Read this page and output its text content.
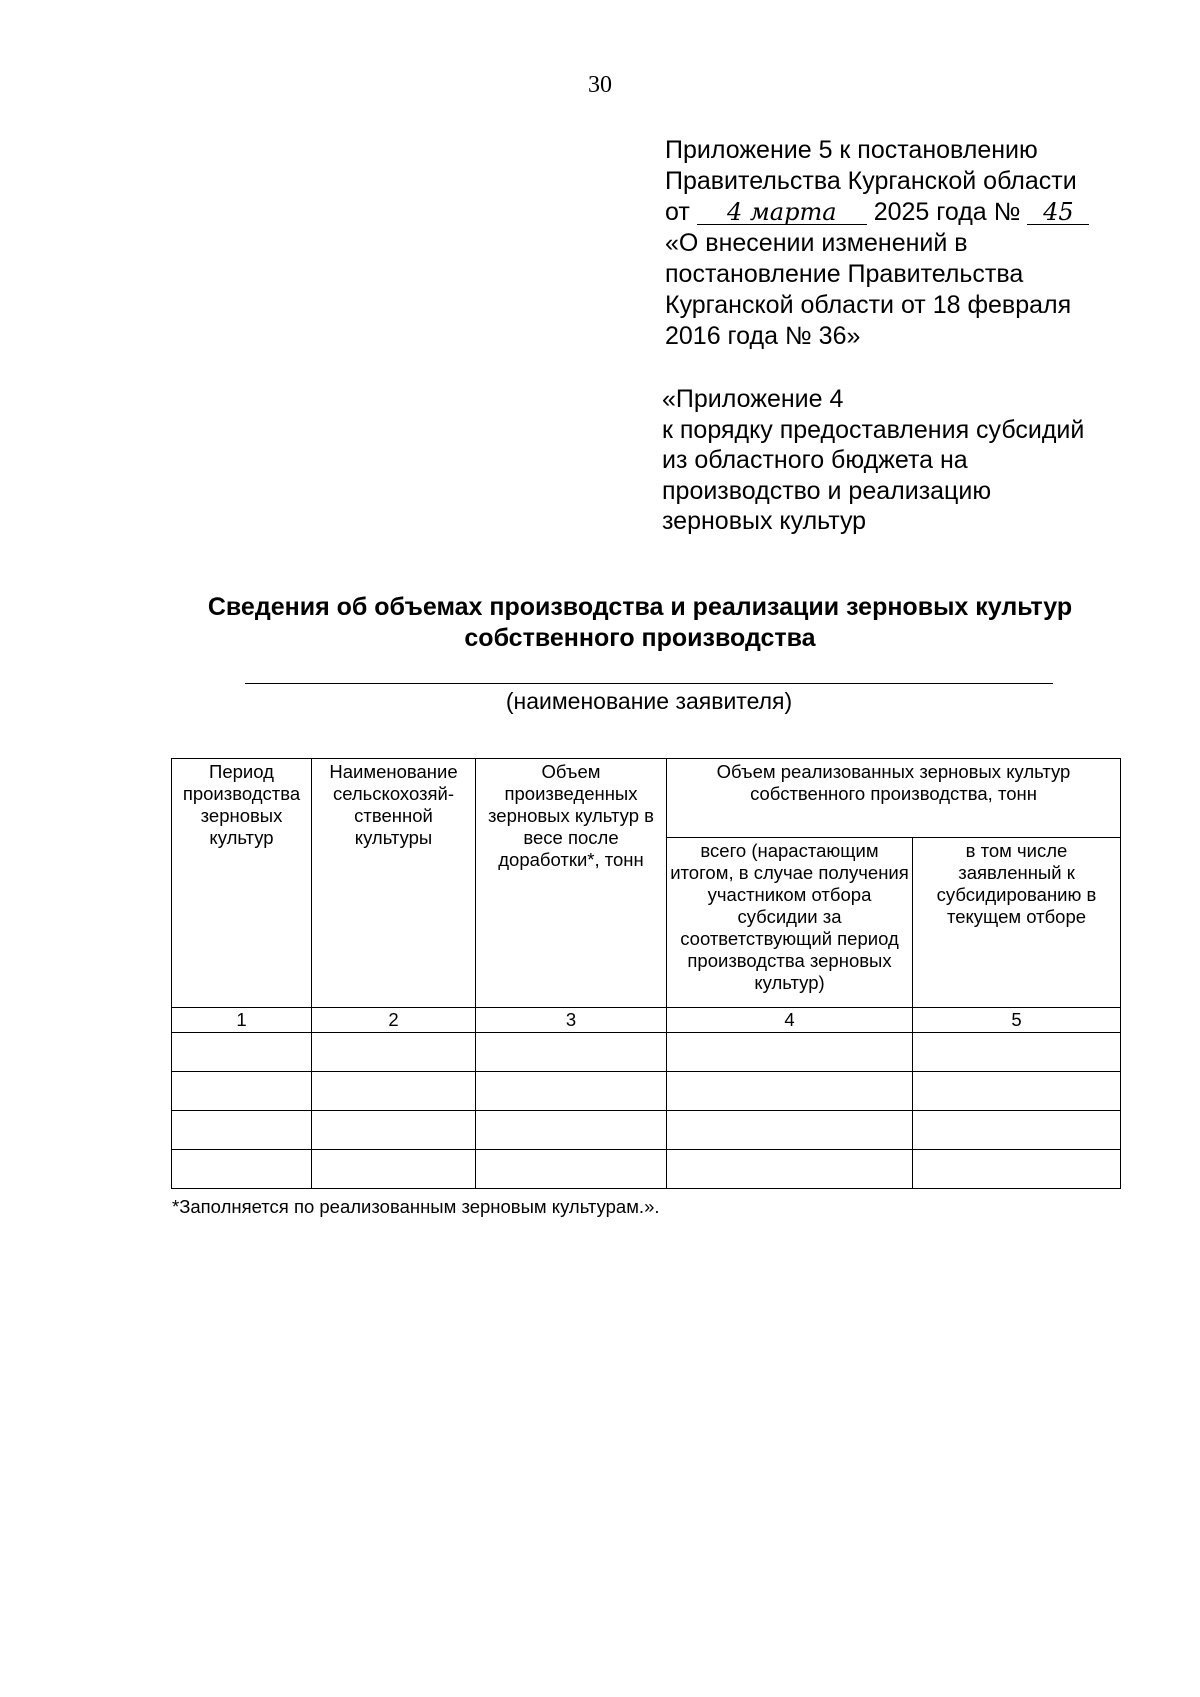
30

Приложение 5 к постановлению

Правительства Курганской области

от 4 марта 2025 года № 45

«О внесении изменений в

постановление Правительства

Курганской области от 18 февраля

2016 года № 36»

«Приложение 4

к порядку предоставления субсидий

из областного бюджета на

производство и реализацию

зерновых культур

Сведения об объемах производства и реализации зерновых культур
собственного производства
(наименование заявителя)
Период производства зерновых культур	Наименование сельскохозяй-ственной культуры	Объем произведенных зерновых культур в весе после доработки*, тонн	Объем реализованных зерновых культур собственного производства, тонн	
			всего (нарастающим итогом, в случае получения участником отбора субсидии за соответствующий период производства зерновых культур)	в том числе заявленный к субсидированию в текущем отборе
1	2	3	4	5

*Заполняется по реализованным зерновым культурам.».
